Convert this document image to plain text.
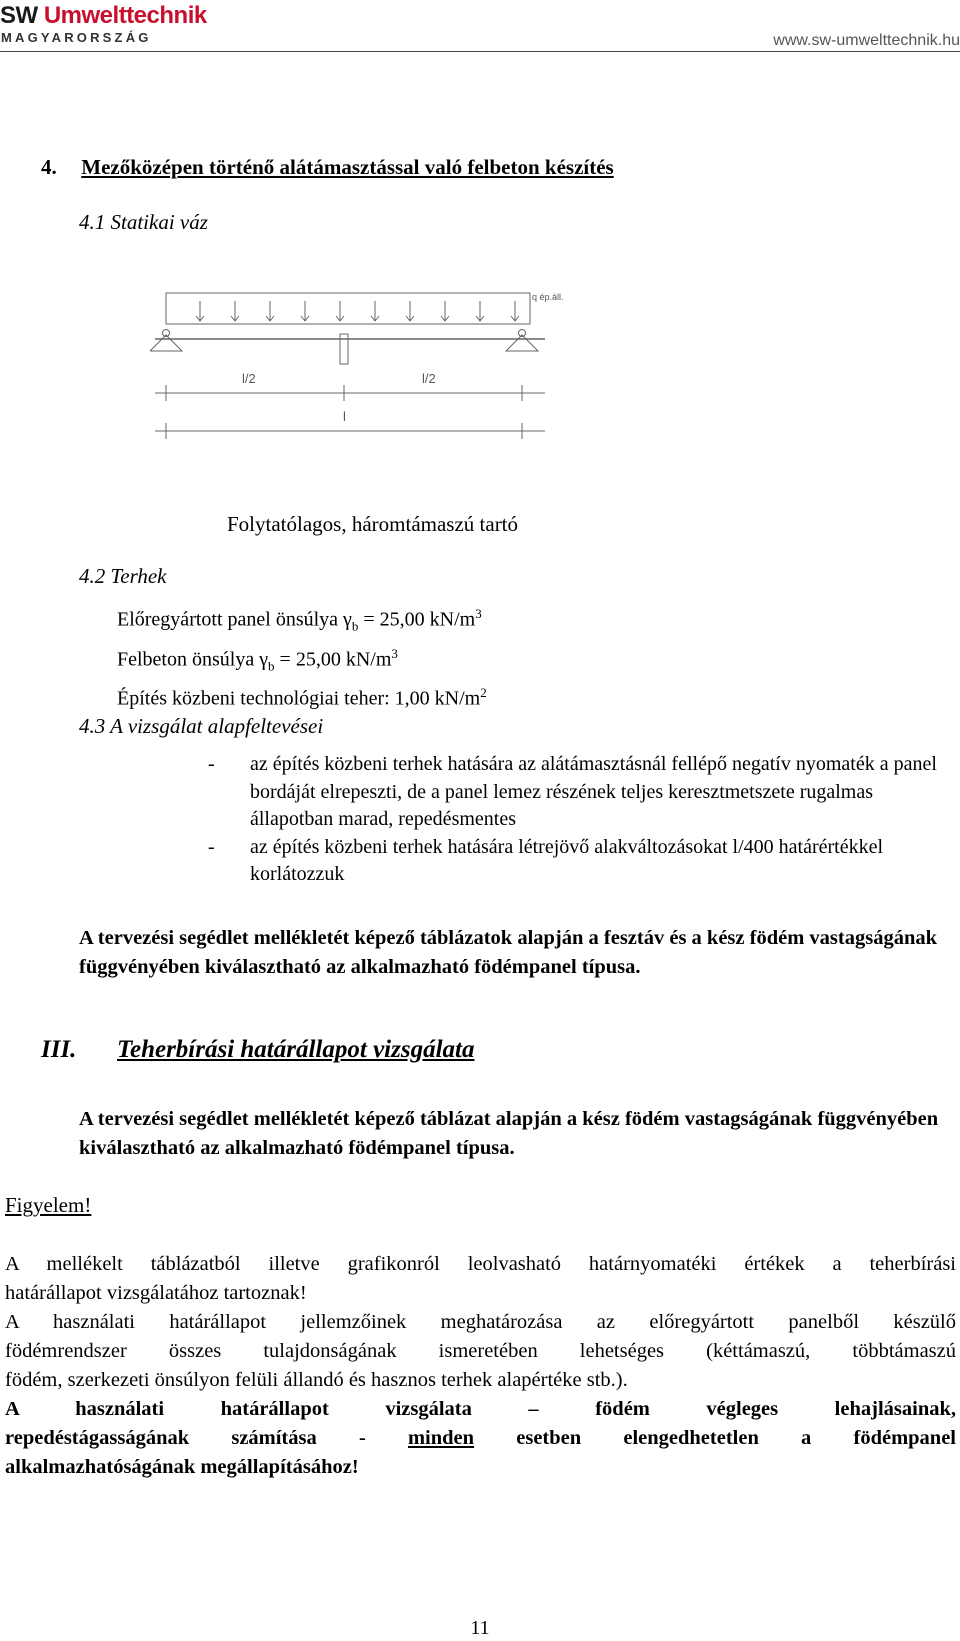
SW Umwelttechnik
MAGYARORSZÁG	www.sw-umwelttechnik.hu
4. Mezőközépen történő alátámasztással való felbeton készítés
4.1 Statikai váz
q ép.áll.
l/2	l/2
l
Folytatólagos, háromtámaszú tartó
4.2 Terhek
Előregyártott panel önsúlya $\gamma_b = 25,00$ $kN/m^3$
Felbeton önsúlya $\gamma_b = 25,00$ $kN/m^3$
Építés közbeni technológiai teher: 1,00 $kN/m^2$
4.3 A vizsgálat alapfeltevései
-	az építés közbeni terhek hatására az alátámasztásnál fellépő negatív nyomaték a panel bordáját elrepeszti, de a panel lemez részének teljes keresztmetszete rugalmas állapotban marad, repedésmentes
-	az építés közbeni terhek hatására létrejövő alakváltozásokat l/400 határértékkel korlátozzuk
A tervezési segédlet mellékletét képező táblázatok alapján a fesztáv és a kész födém vastagságának függvényében kiválasztható az alkalmazható födémpanel típusa.
III. Teherbírási határállapot vizsgálata
A tervezési segédlet mellékletét képező táblázat alapján a kész födém vastagságának függvényében kiválasztható az alkalmazható födémpanel típusa.
Figyelem!
A mellékelt táblázatból illetve grafikonról leolvasható határnyomatéki értékek a teherbírási
határállapot vizsgálatához tartoznak!
A használati határállapot jellemzőinek meghatározása az előregyártott panelből készülő
födémrendszer összes tulajdonságának ismeretében lehetséges (kéttámaszú, többtámaszú
födém, szerkezeti önsúlyon felüli állandó és hasznos terhek alapértéke stb.).
A használati határállapot vizsgálata – födém végleges lehajlásainak,
repedéstágasságának számítása - minden esetben elengedhetetlen a födémpanel
alkalmazhatóságának megállapításához!
11
